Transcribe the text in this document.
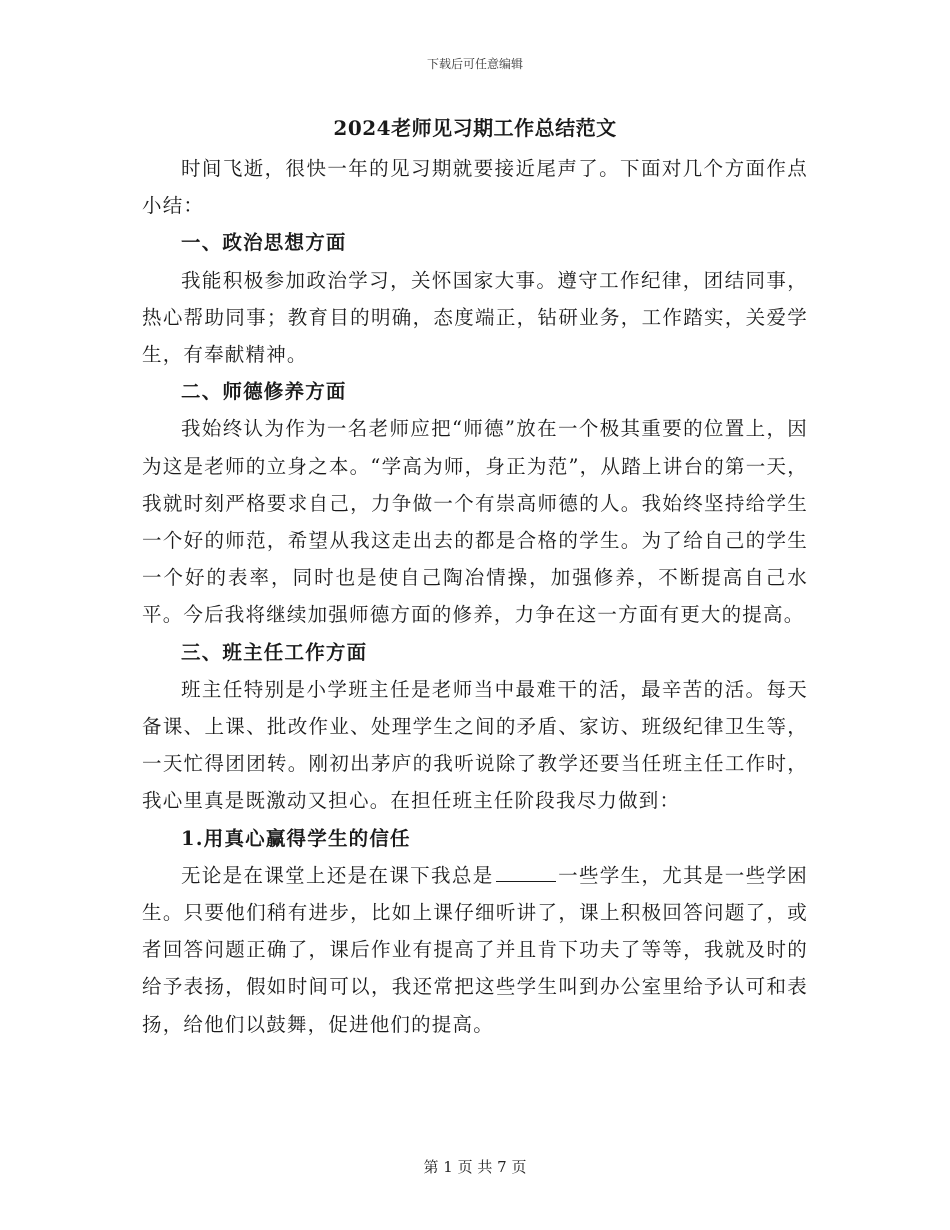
下载后可任意编辑
2024老师见习期工作总结范文

时间飞逝，很快一年的见习期就要接近尾声了。下面对几个方面作点小结：

一、政治思想方面

我能积极参加政治学习，关怀国家大事。遵守工作纪律，团结同事，热心帮助同事；教育目的明确，态度端正，钻研业务，工作踏实，关爱学生，有奉献精神。

二、师德修养方面

我始终认为作为一名老师应把“师德”放在一个极其重要的位置上，因为这是老师的立身之本。“学高为师，身正为范”，从踏上讲台的第一天，我就时刻严格要求自己，力争做一个有崇高师德的人。我始终坚持给学生一个好的师范，希望从我这走出去的都是合格的学生。为了给自己的学生一个好的表率，同时也是使自己陶冶情操，加强修养，不断提高自己水平。今后我将继续加强师德方面的修养，力争在这一方面有更大的提高。

三、班主任工作方面

班主任特别是小学班主任是老师当中最难干的活，最辛苦的活。每天备课、上课、批改作业、处理学生之间的矛盾、家访、班级纪律卫生等，一天忙得团团转。刚初出茅庐的我听说除了教学还要当任班主任工作时，我心里真是既激动又担心。在担任班主任阶段我尽力做到：

1.用真心赢得学生的信任

无论是在课堂上还是在课下我总是	一些学生，尤其是一些学困生。只要他们稍有进步，比如上课仔细听讲了，课上积极回答问题了，或者回答问题正确了，课后作业有提高了并且肯下功夫了等等，我就及时的给予表扬，假如时间可以，我还常把这些学生叫到办公室里给予认可和表扬，给他们以鼓舞，促进他们的提高。

第 1 页 共 7 页
